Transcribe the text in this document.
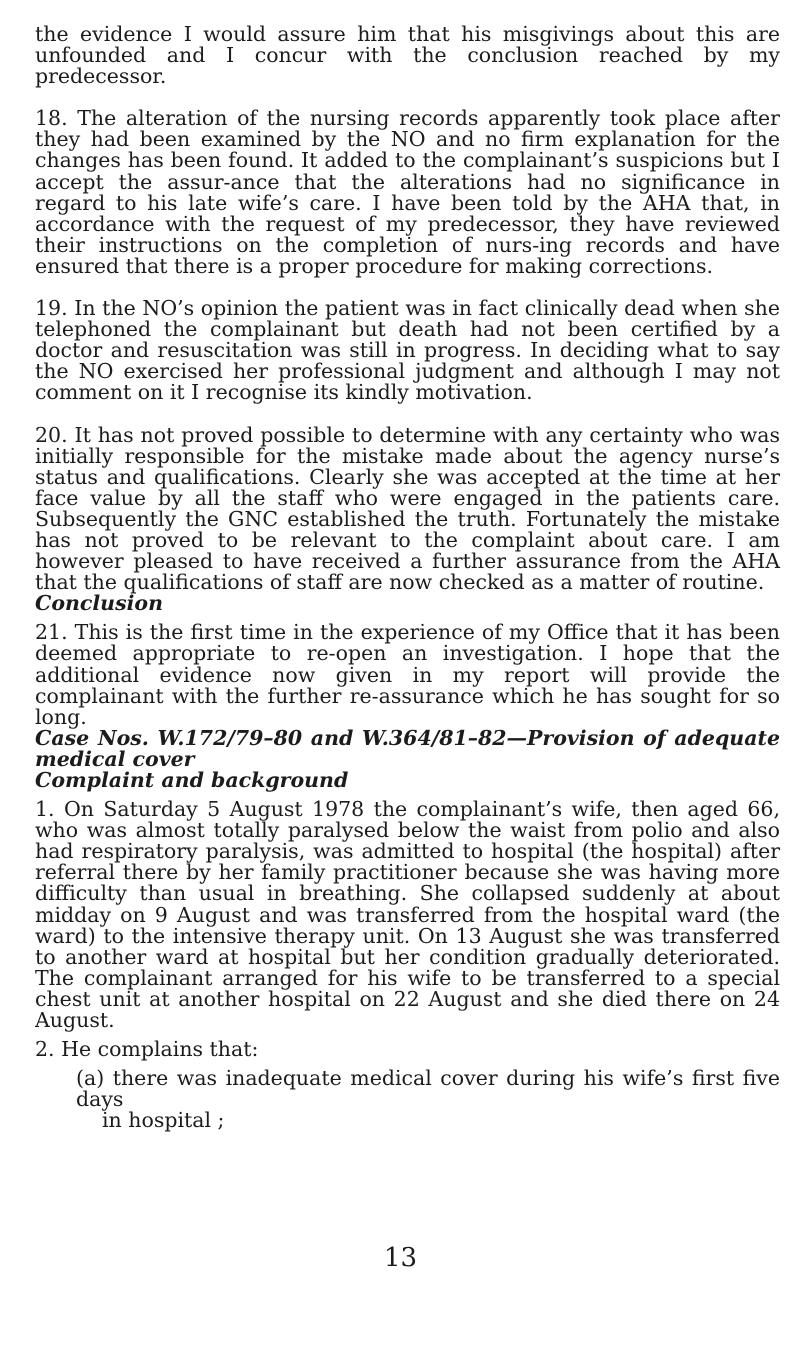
the evidence I would assure him that his misgivings about this are unfounded and I concur with the conclusion reached by my predecessor.

18. The alteration of the nursing records apparently took place after they had been examined by the NO and no firm explanation for the changes has been found. It added to the complainant’s suspicions but I accept the assur-ance that the alterations had no significance in regard to his late wife’s care. I have been told by the AHA that, in accordance with the request of my predecessor, they have reviewed their instructions on the completion of nurs-ing records and have ensured that there is a proper procedure for making corrections.

19. In the NO’s opinion the patient was in fact clinically dead when she telephoned the complainant but death had not been certified by a doctor and resuscitation was still in progress. In deciding what to say the NO exercised her professional judgment and although I may not comment on it I recognise its kindly motivation.

20. It has not proved possible to determine with any certainty who was initially responsible for the mistake made about the agency nurse’s status and qualifications. Clearly she was accepted at the time at her face value by all the staff who were engaged in the patients care. Subsequently the GNC established the truth. Fortunately the mistake has not proved to be relevant to the complaint about care. I am however pleased to have received a further assurance from the AHA that the qualifications of staff are now checked as a matter of routine.

Conclusion

21. This is the first time in the experience of my Office that it has been deemed appropriate to re-open an investigation. I hope that the additional evidence now given in my report will provide the complainant with the further re-assurance which he has sought for so long.

Case Nos. W.172/79–80 and W.364/81–82—Provision of adequate medical cover

Complaint and background

1. On Saturday 5 August 1978 the complainant’s wife, then aged 66, who was almost totally paralysed below the waist from polio and also had respiratory paralysis, was admitted to hospital (the hospital) after referral there by her family practitioner because she was having more difficulty than usual in breathing. She collapsed suddenly at about midday on 9 August and was transferred from the hospital ward (the ward) to the intensive therapy unit. On 13 August she was transferred to another ward at hospital but her condition gradually deteriorated. The complainant arranged for his wife to be transferred to a special chest unit at another hospital on 22 August and she died there on 24 August.

2. He complains that:

(a) there was inadequate medical cover during his wife’s first five days

in hospital ;

13
